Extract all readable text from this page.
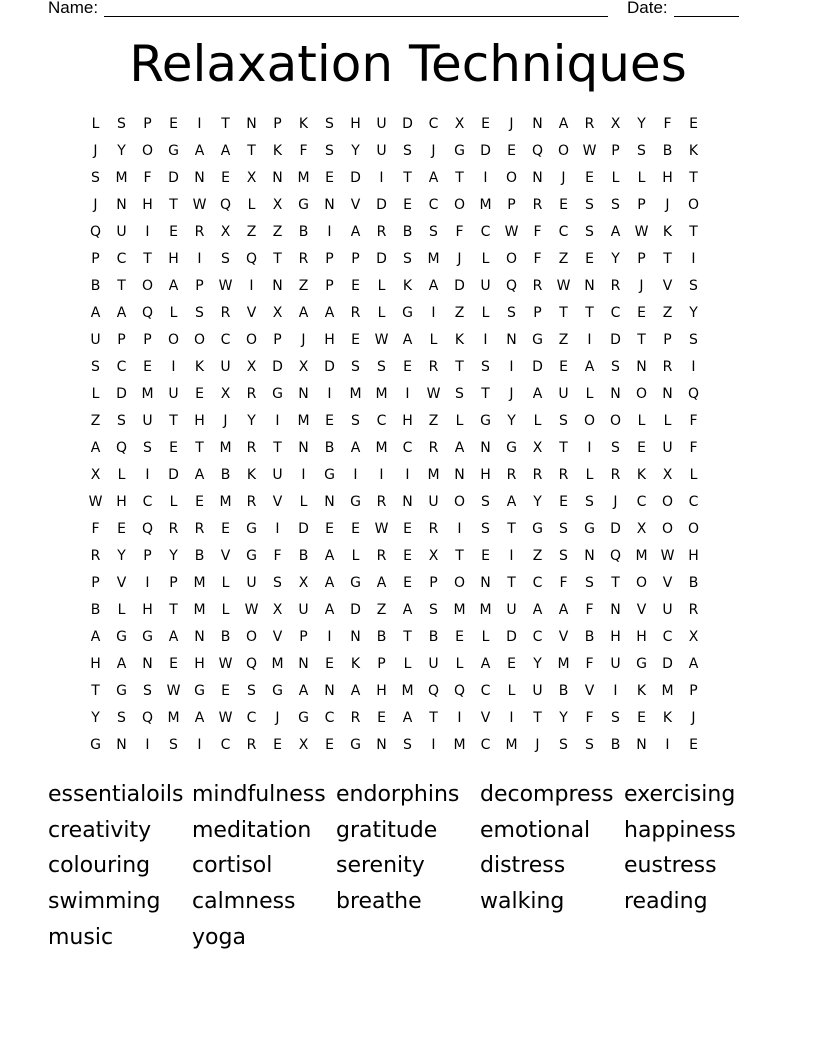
Name:	Date:
Relaxation Techniques
L	S	P	E	I	T	N	P	K	S	H	U	D	C	X	E	J	N	A	R	X	Y	F	E
J	Y	O	G	A	A	T	K	F	S	Y	U	S	J	G	D	E	Q O W P	S	B	K
S	M	F	D	N	E	X	N M	E	D	I	T	A	T	I	O	N	J	E	L	L	H	T
J	N	H	T W Q	L	X	G	N	V	D	E	C	O M	P	R	E	S	S	P	J	O
Q	U	I	E	R	X	Z	Z	B	I	A	R	B	S	F	C W	F	C	S	A W K	T
P	C	T	H	I	S	Q	T	R	P	P	D	S	M	J	L	O	F	Z	E	Y	P	T	I
B	T	O	A	P W	I	N	Z	P	E	L	K	A	D	U	Q	R W N	R	J	V	S
A	A	Q	L	S	R	V	X	A	A	R	L	G	I	Z	L	S	P	T	T	C	E	Z	Y
U	P	P	O O	C	O	P	J	H	E W A	L	K	I	N	G	Z	I	D	T	P	S
S	C	E	I	K	U	X	D	X	D	S	S	E	R	T	S	I	D	E	A	S	N	R	I
L	D M U	E	X	R	G	N	I	M M	I	W S	T	J	A	U	L	N	O	N	Q
Z	S	U	T	H	J	Y	I	M	E	S	C	H	Z	L	G	Y	L	S	O O	L	L	F
A	Q	S	E	T	M	R	T	N	B	A	M	C	R	A	N	G	X	T	I	S	E	U	F
X	L	I	D	A	B	K	U	I	G	I	I	I	M N	H	R	R	R	L	R	K	X	L
W H	C	L	E	M	R	V	L	N	G	R	N	U	O	S	A	Y	E	S	J	C	O	C
F	E	Q	R	R	E	G	I	D	E	E W E	R	I	S	T	G	S	G	D	X	O O
R	Y	P	Y	B	V	G	F	B	A	L	R	E	X	T	E	I	Z	S	N	Q M W H
P	V	I	P	M	L	U	S	X	A	G	A	E	P	O	N	T	C	F	S	T	O	V	B
B	L	H	T	M	L	W X	U	A	D	Z	A	S	M M U	A	A	F	N	V	U	R
A	G	G	A	N	B	O	V	P	I	N	B	T	B	E	L	D	C	V	B	H	H	C	X
H	A	N	E	H W Q M N	E	K	P	L	U	L	A	E	Y	M	F	U	G	D	A
T	G	S W G	E	S	G	A	N	A	H M Q Q	C	L	U	B	V	I	K	M	P
Y	S	Q M	A W C	J	G	C	R	E	A	T	I	V	I	T	Y	F	S	E	K	J
G	N	I	S	I	C	R	E	X	E	G	N	S	I	M	C	M	J	S	S	B	N	I	E
essentialoils mindfulness endorphins decompress exercising
creativity	meditation	gratitude	emotional	happiness
colouring	cortisol	serenity	distress	eustress
swimming	calmness	breathe	walking	reading
music	yoga
